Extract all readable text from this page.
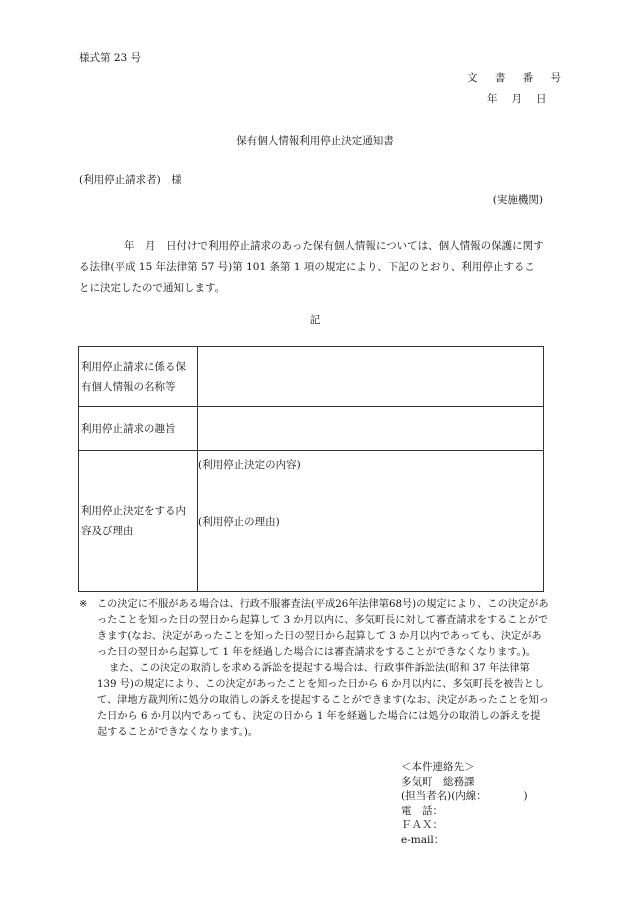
様式第 23 号
文 書 番 号
年 月 日
保有個人情報利用停止決定通知書
(利用停止請求者)　様
(実施機関)

年　月　日付けで利用停止請求のあった保有個人情報については、個人情報の保護に関する法律(平成 15 年法律第 57 号)第 101 条第 1 項の規定により、下記のとおり、利用停止することに決定したので通知します。

記
利用停止請求に係る保有個人情報の名称等	
利用停止請求の趣旨	
利用停止決定をする内容及び理由	(利用停止決定の内容)
(利用停止の理由)
※ この決定に不服がある場合は、行政不服審査法(平成26年法律第68号)の規定により、この決定があったことを知った日の翌日から起算して 3 か月以内に、多気町長に対して審査請求をすることができます(なお、決定があったことを知った日の翌日から起算して 3 か月以内であっても、決定があった日の翌日から起算して 1 年を経過した場合には審査請求をすることができなくなります。)。
また、この決定の取消しを求める訴訟を提起する場合は、行政事件訴訟法(昭和 37 年法律第 139 号)の規定により、この決定があったことを知った日から 6 か月以内に、多気町長を被告として、津地方裁判所に処分の取消しの訴えを提起することができます(なお、決定があったことを知った日から 6 か月以内であっても、決定の日から 1 年を経過した場合には処分の取消しの訴えを提起することができなくなります。)。
＜本件連絡先＞
多気町　総務課
(担当者名)(内線：　　　　)
電　話：
ＦＡＸ：
e-mail：
